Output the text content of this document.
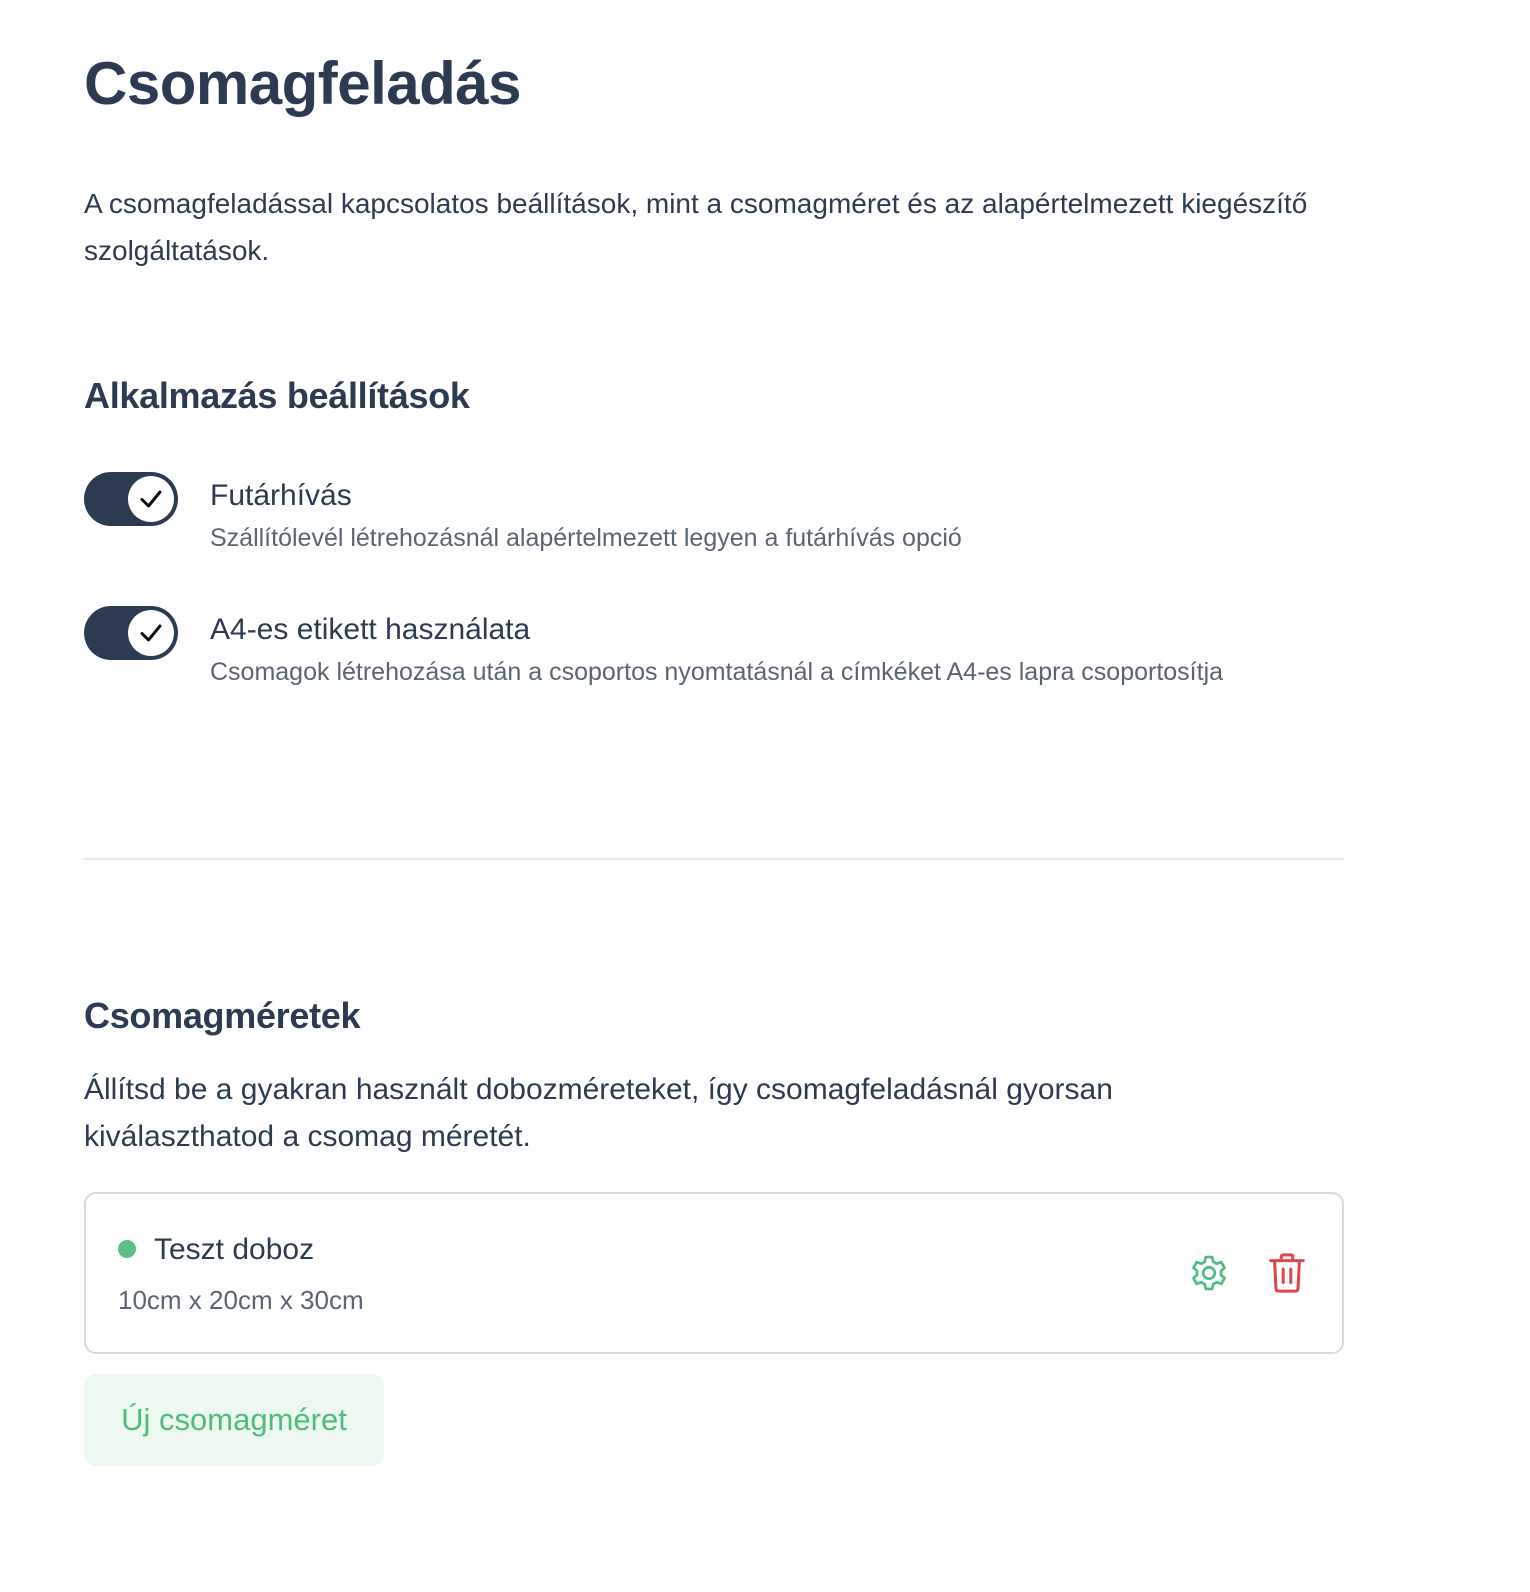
Csomagfeladás

A csomagfeladással kapcsolatos beállítások, mint a csomagméret és az alapértelmezett kiegészítő szolgáltatások.

Alkalmazás beállítások
Futárhívás
Szállítólevél létrehozásnál alapértelmezett legyen a futárhívás opció
A4-es etikett használata
Csomagok létrehozása után a csoportos nyomtatásnál a címkéket A4-es lapra csoportosítja
Csomagméretek

Állítsd be a gyakran használt dobozméreteket, így csomagfeladásnál gyorsan kiválaszthatod a csomag méretét.

Teszt doboz
10cm x 20cm x 30cm
Új csomagméret
